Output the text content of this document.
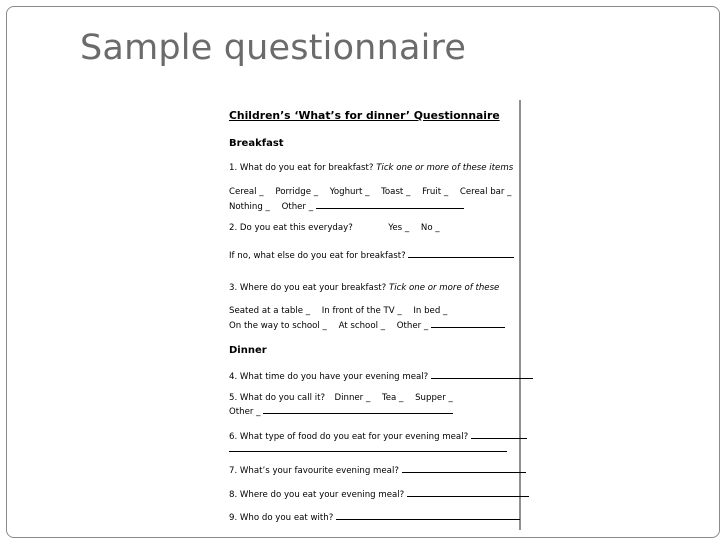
Sample questionnaire
Children’s ‘What’s for dinner’ Questionnaire
Breakfast
1. What do you eat for breakfast? Tick one or more of these items
Cereal _ Porridge _ Yoghurt _ Toast _ Fruit _ Cereal bar _
Nothing _ Other _
2. Do you eat this everyday?	Yes _ No _
If no, what else do you eat for breakfast?
3. Where do you eat your breakfast? Tick one or more of these
Seated at a table _ In front of the TV _ In bed _
On the way to school _ At school _ Other _
Dinner
4. What time do you have your evening meal?
5. What do you call it? Dinner _ Tea _ Supper _
Other _
6. What type of food do you eat for your evening meal?
7. What’s your favourite evening meal?
8. Where do you eat your evening meal?
9. Who do you eat with?
